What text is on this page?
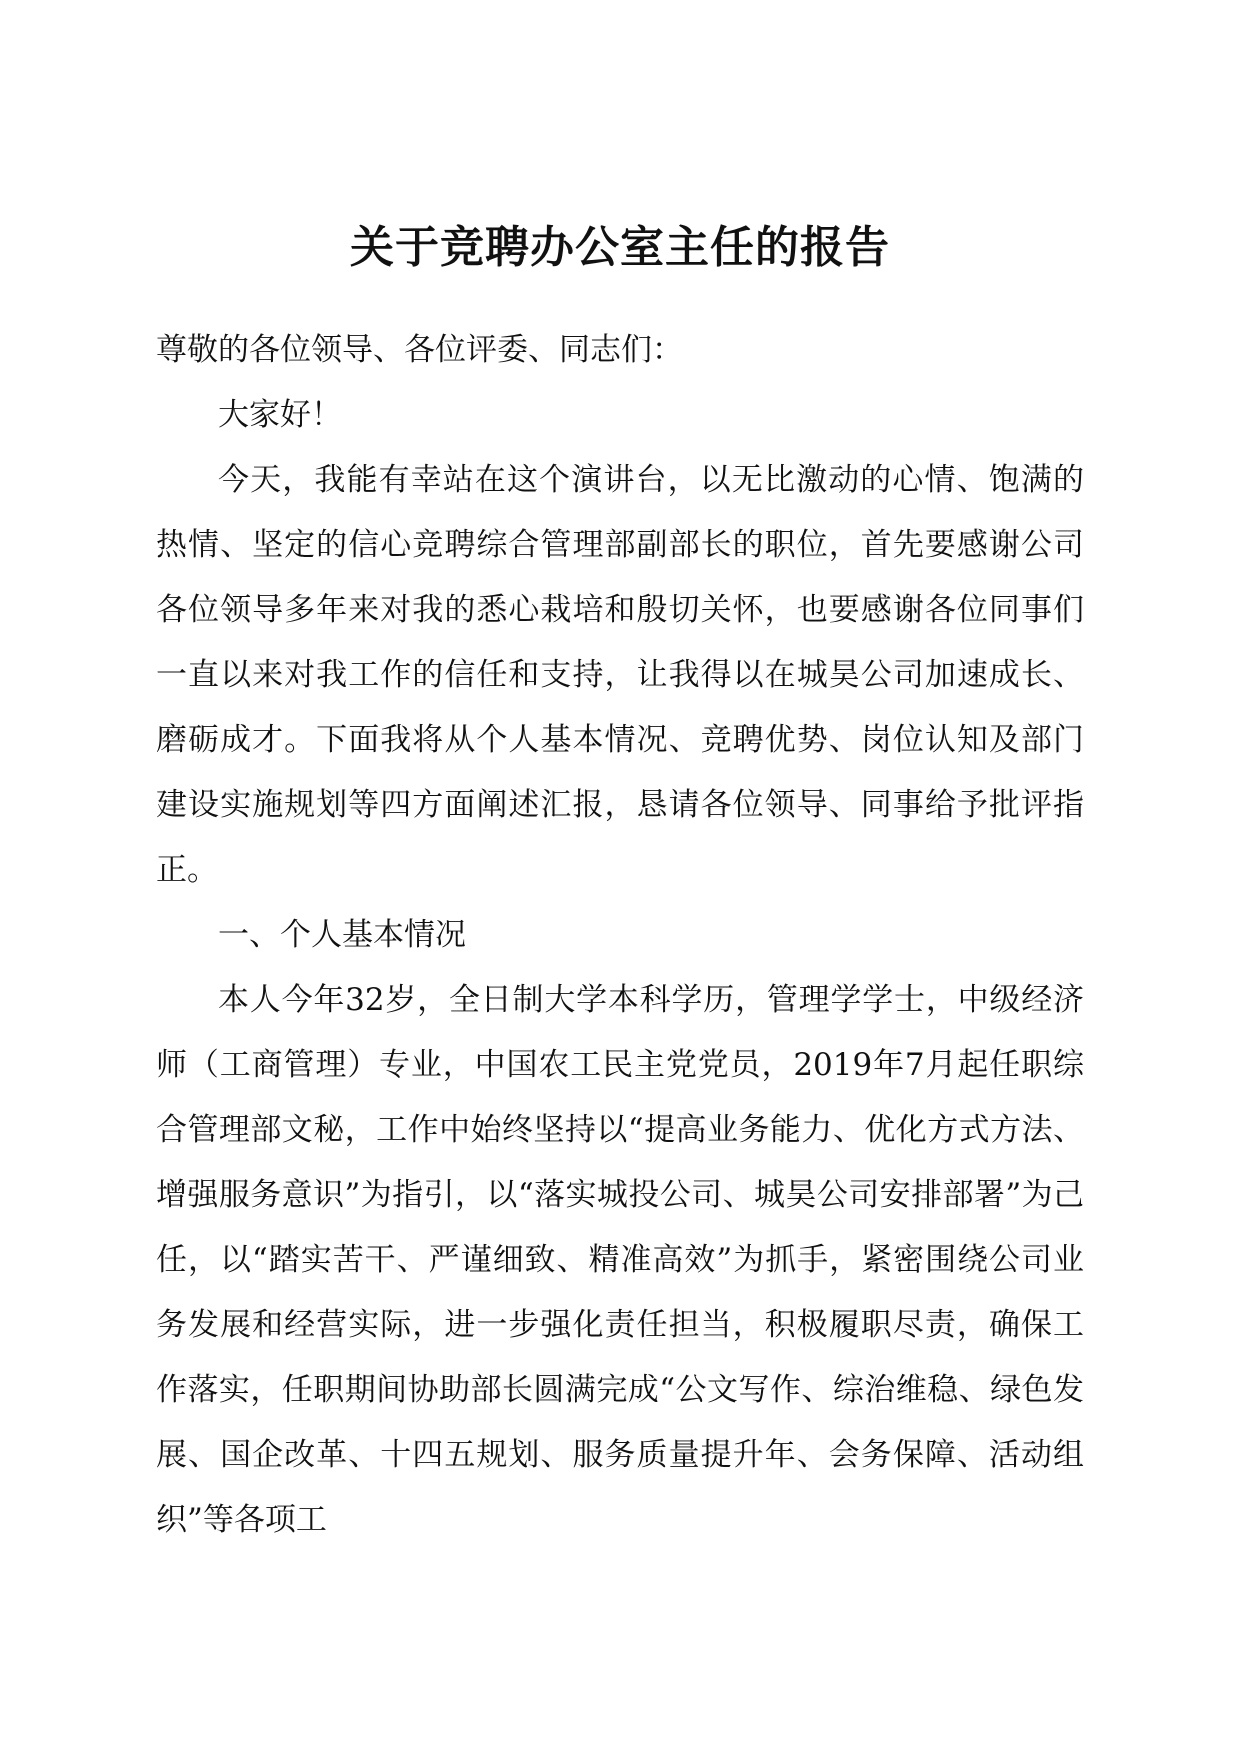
关于竞聘办公室主任的报告

尊敬的各位领导、各位评委、同志们：

大家好！

今天，我能有幸站在这个演讲台，以无比激动的心情、饱满的热情、坚定的信心竞聘综合管理部副部长的职位，首先要感谢公司各位领导多年来对我的悉心栽培和殷切关怀，也要感谢各位同事们一直以来对我工作的信任和支持，让我得以在城昊公司加速成长、磨砺成才。下面我将从个人基本情况、竞聘优势、岗位认知及部门建设实施规划等四方面阐述汇报，恳请各位领导、同事给予批评指正。

一、个人基本情况

本人今年32岁，全日制大学本科学历，管理学学士，中级经济师（工商管理）专业，中国农工民主党党员，2019年7月起任职综合管理部文秘，工作中始终坚持以“提高业务能力、优化方式方法、增强服务意识”为指引，以“落实城投公司、城昊公司安排部署”为己任，以“踏实苦干、严谨细致、精准高效”为抓手，紧密围绕公司业务发展和经营实际，进一步强化责任担当，积极履职尽责，确保工作落实，任职期间协助部长圆满完成“公文写作、综治维稳、绿色发展、国企改革、十四五规划、服务质量提升年、会务保障、活动组织”等各项工
